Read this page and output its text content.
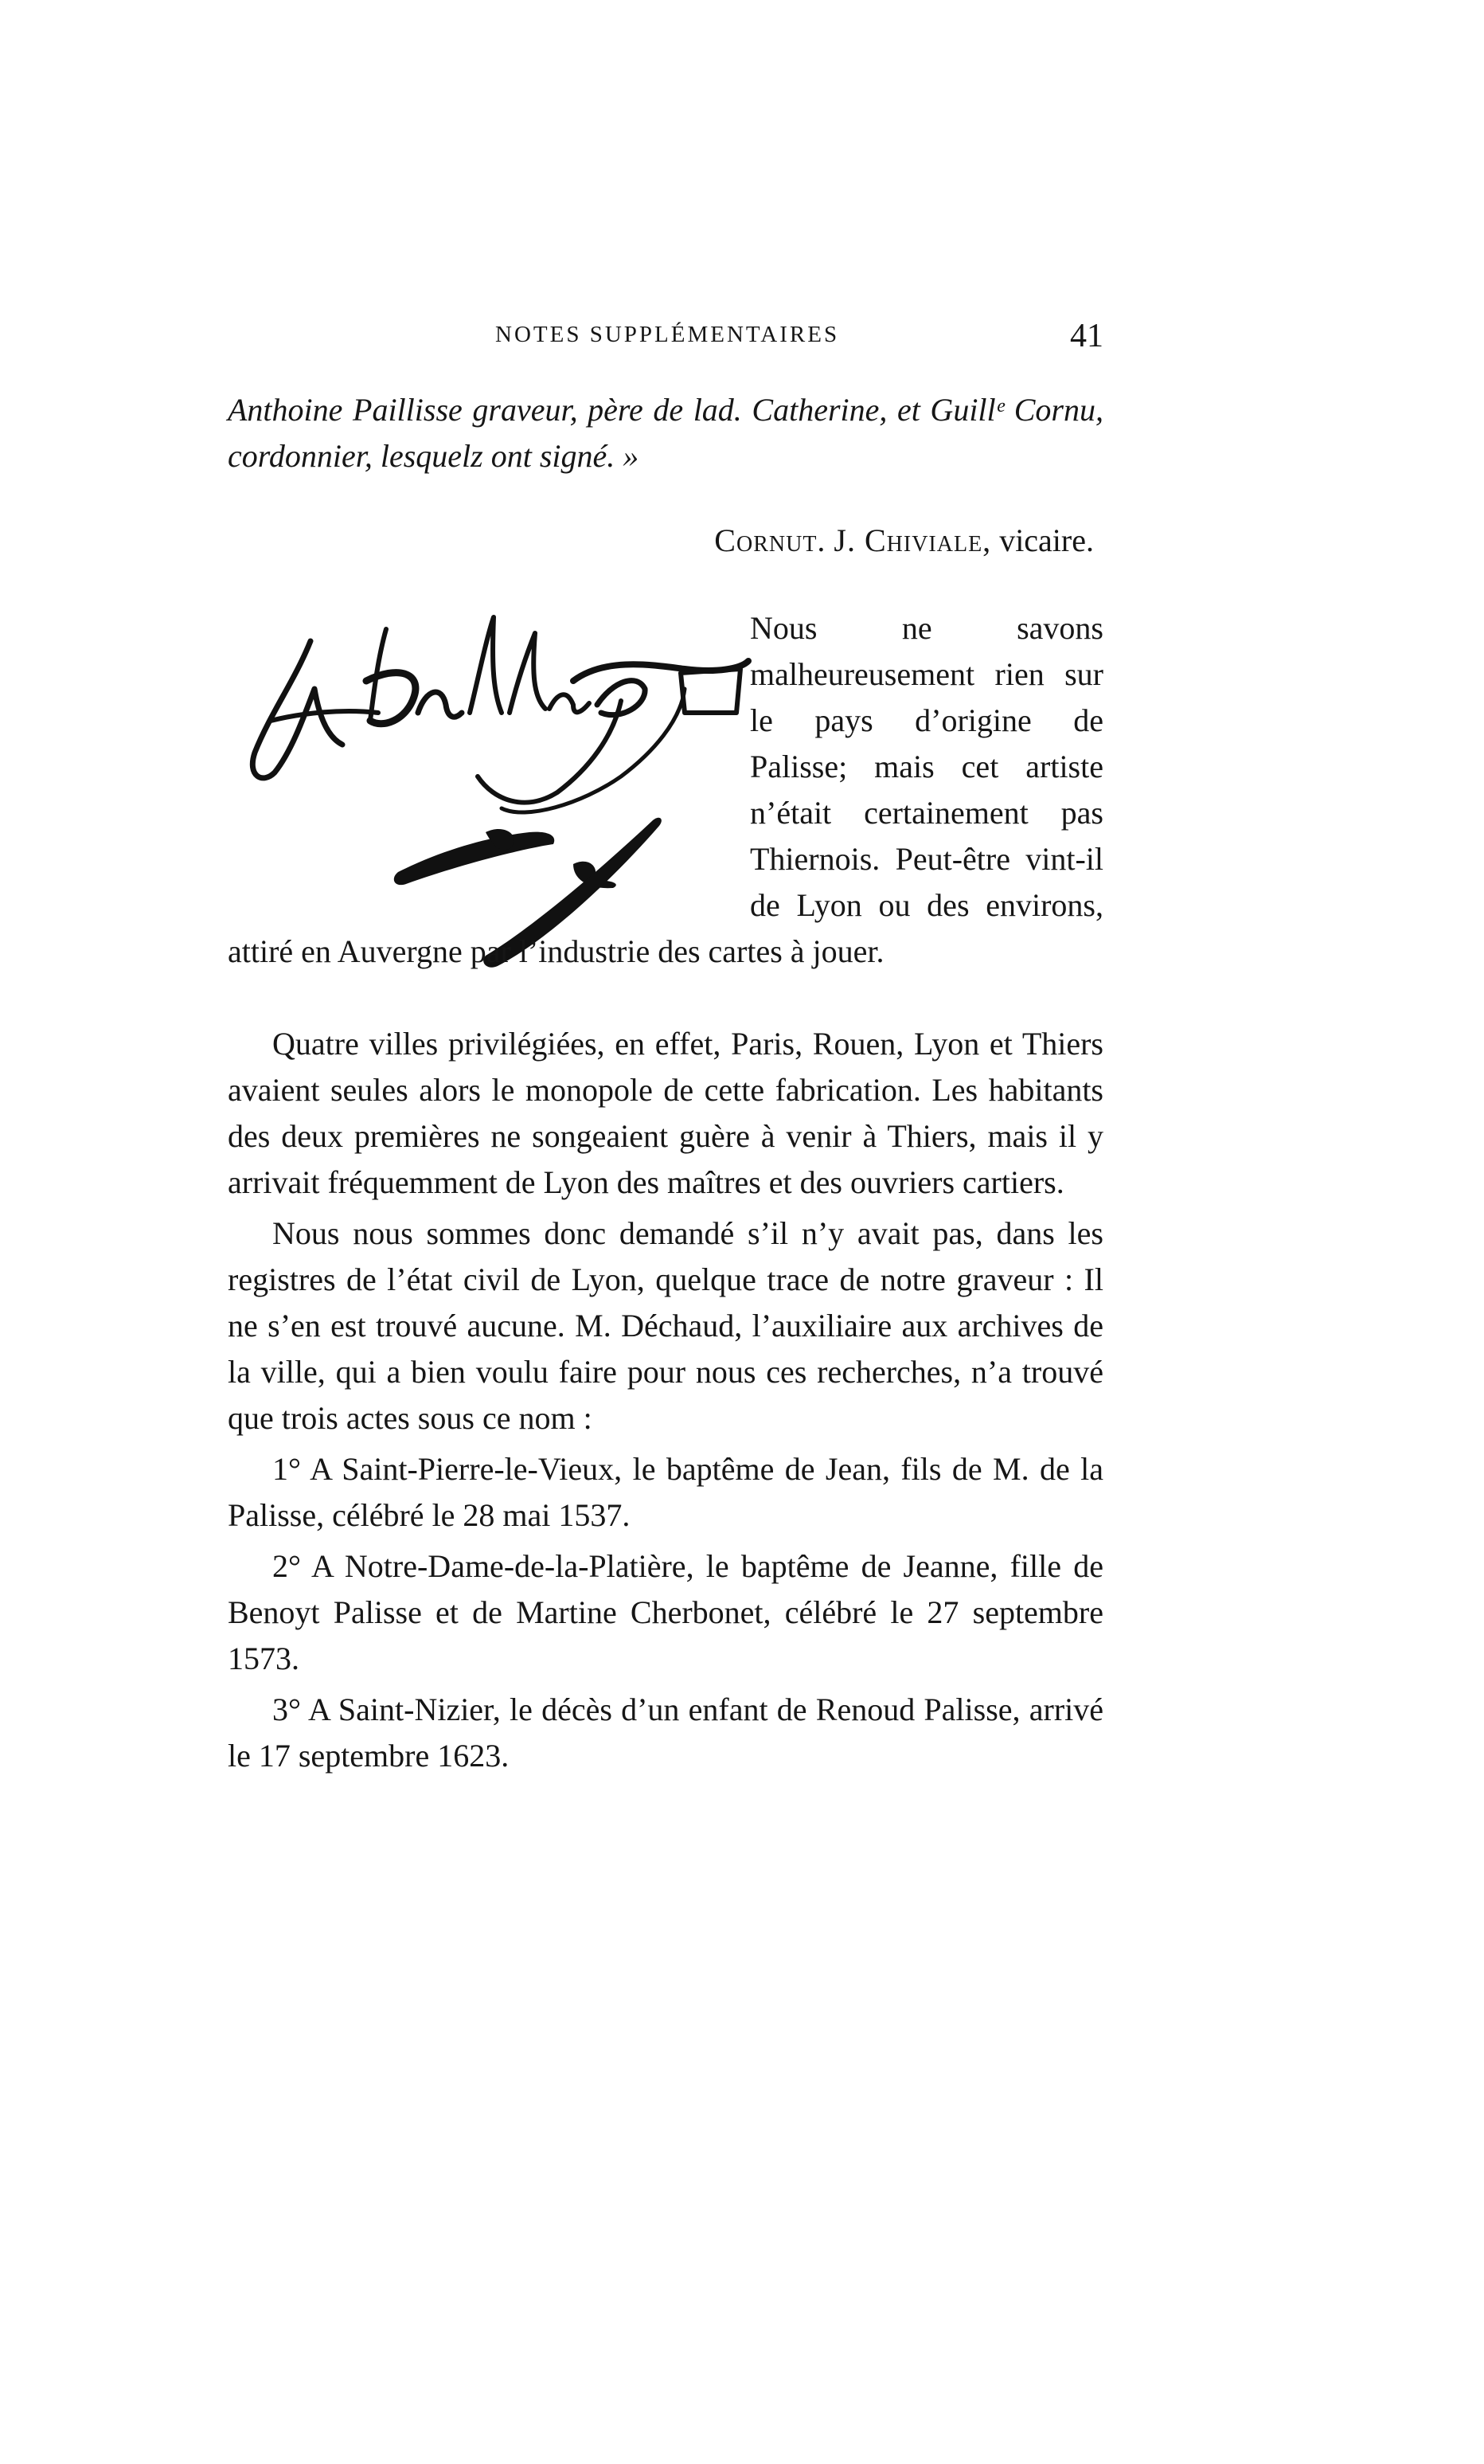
NOTES SUPPLÉMENTAIRES	41
Anthoine Paillisse graveur, père de lad. Catherine, et Guillᵉ Cornu, cordonnier, lesquelz ont signé. »
Cornut. J. Chiviale, vicaire.

Nous ne savons malheureusement rien sur le pays d’origine de Palisse; mais cet artiste n’était certainement pas Thiernois. Peut-être vint-il de Lyon ou des environs, attiré en Auvergne par l’industrie des cartes à jouer.

Quatre villes privilégiées, en effet, Paris, Rouen, Lyon et Thiers avaient seules alors le monopole de cette fabrication. Les habitants des deux premières ne songeaient guère à venir à Thiers, mais il y arrivait fréquemment de Lyon des maîtres et des ouvriers cartiers.

Nous nous sommes donc demandé s’il n’y avait pas, dans les registres de l’état civil de Lyon, quelque trace de notre graveur : Il ne s’en est trouvé aucune. M. Déchaud, l’auxiliaire aux archives de la ville, qui a bien voulu faire pour nous ces recherches, n’a trouvé que trois actes sous ce nom :

1° A Saint-Pierre-le-Vieux, le baptême de Jean, fils de M. de la Palisse, célébré le 28 mai 1537.

2° A Notre-Dame-de-la-Platière, le baptême de Jeanne, fille de Benoyt Palisse et de Martine Cherbonet, célébré le 27 septembre 1573.

3° A Saint-Nizier, le décès d’un enfant de Renoud Palisse, arrivé le 17 septembre 1623.
